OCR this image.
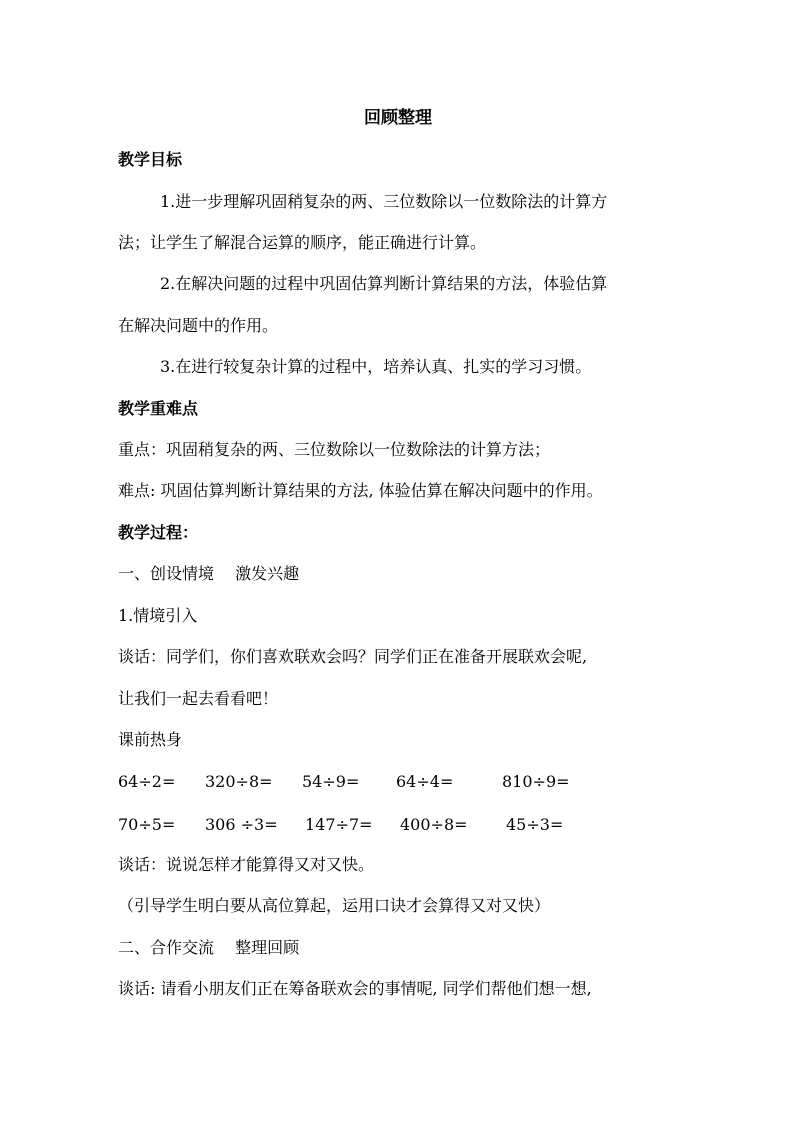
回顾整理
教学目标
1.进一步理解巩固稍复杂的两、三位数除以一位数除法的计算方
法；让学生了解混合运算的顺序，能正确进行计算。
2.在解决问题的过程中巩固估算判断计算结果的方法，体验估算
在解决问题中的作用。
3.在进行较复杂计算的过程中，培养认真、扎实的学习习惯。
教学重难点
重点：巩固稍复杂的两、三位数除以一位数除法的计算方法；
难点: 巩固估算判断计算结果的方法, 体验估算在解决问题中的作用。
教学过程：
一、创设情境　 激发兴趣
1.情境引入
谈话：同学们，你们喜欢联欢会吗？同学们正在准备开展联欢会呢,
让我们一起去看看吧！
课前热身
64÷2= 320÷8= 54÷9= 64÷4=	810÷9=
70÷5= 306 ÷3= 147÷7= 400÷8= 45÷3=
谈话：说说怎样才能算得又对又快。
（引导学生明白要从高位算起，运用口诀才会算得又对又快）
二、合作交流　 整理回顾
谈话: 请看小朋友们正在筹备联欢会的事情呢, 同学们帮他们想一想,
